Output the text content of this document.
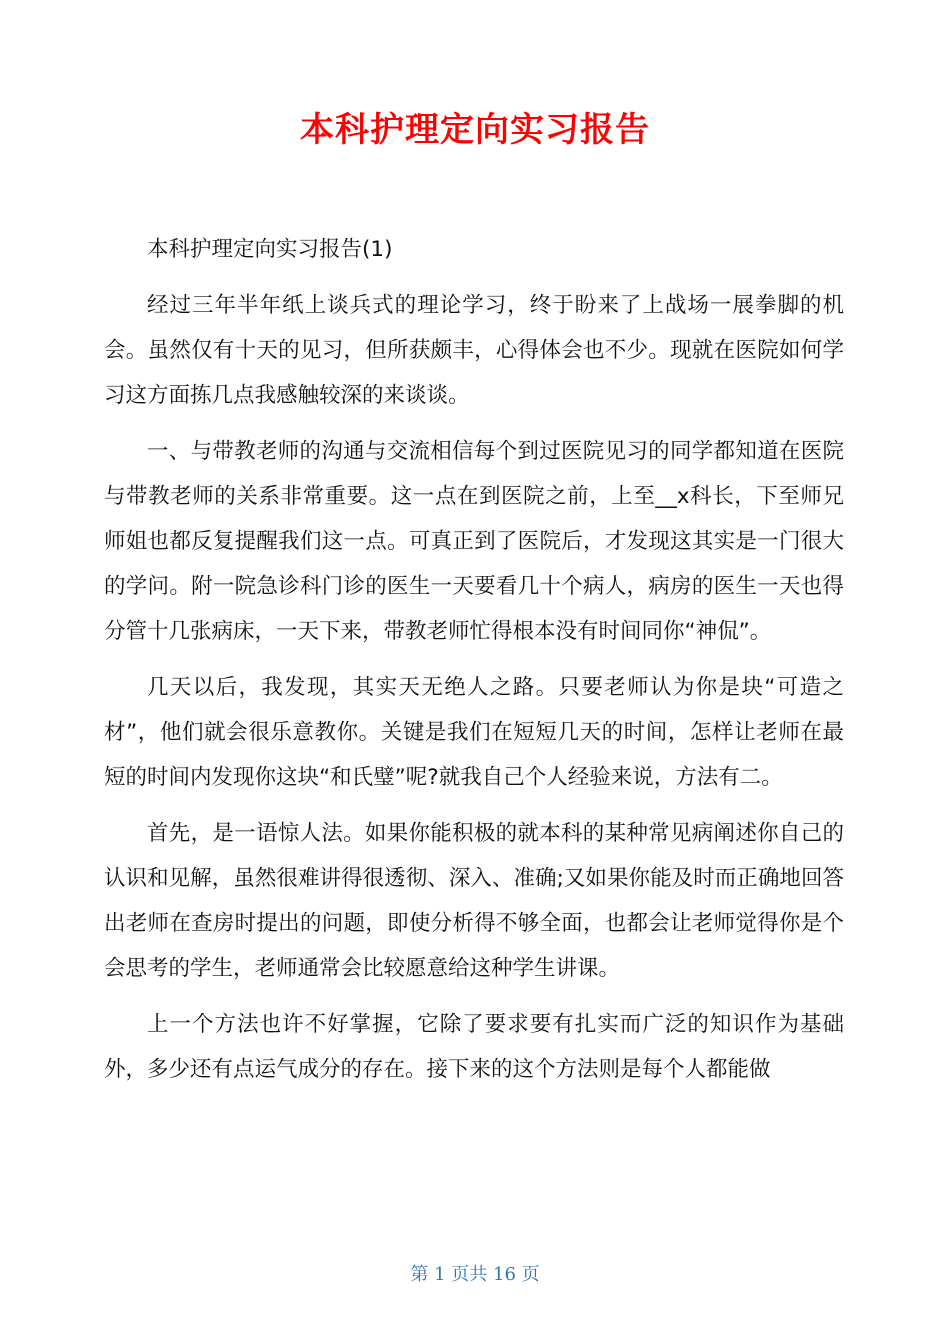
本科护理定向实习报告

本科护理定向实习报告(1)

经过三年半年纸上谈兵式的理论学习，终于盼来了上战场一展拳脚的机会。虽然仅有十天的见习，但所获颇丰，心得体会也不少。现就在医院如何学习这方面拣几点我感触较深的来谈谈。

一、与带教老师的沟通与交流相信每个到过医院见习的同学都知道在医院与带教老师的关系非常重要。这一点在到医院之前，上至__x科长，下至师兄师姐也都反复提醒我们这一点。可真正到了医院后，才发现这其实是一门很大的学问。附一院急诊科门诊的医生一天要看几十个病人，病房的医生一天也得分管十几张病床，一天下来，带教老师忙得根本没有时间同你“神侃”。

几天以后，我发现，其实天无绝人之路。只要老师认为你是块“可造之材”，他们就会很乐意教你。关键是我们在短短几天的时间，怎样让老师在最短的时间内发现你这块“和氏璧”呢?就我自己个人经验来说，方法有二。

首先，是一语惊人法。如果你能积极的就本科的某种常见病阐述你自己的认识和见解，虽然很难讲得很透彻、深入、准确;又如果你能及时而正确地回答出老师在查房时提出的问题，即使分析得不够全面，也都会让老师觉得你是个会思考的学生，老师通常会比较愿意给这种学生讲课。

上一个方法也许不好掌握，它除了要求要有扎实而广泛的知识作为基础外，多少还有点运气成分的存在。接下来的这个方法则是每个人都能做

第 1 页共 16 页
